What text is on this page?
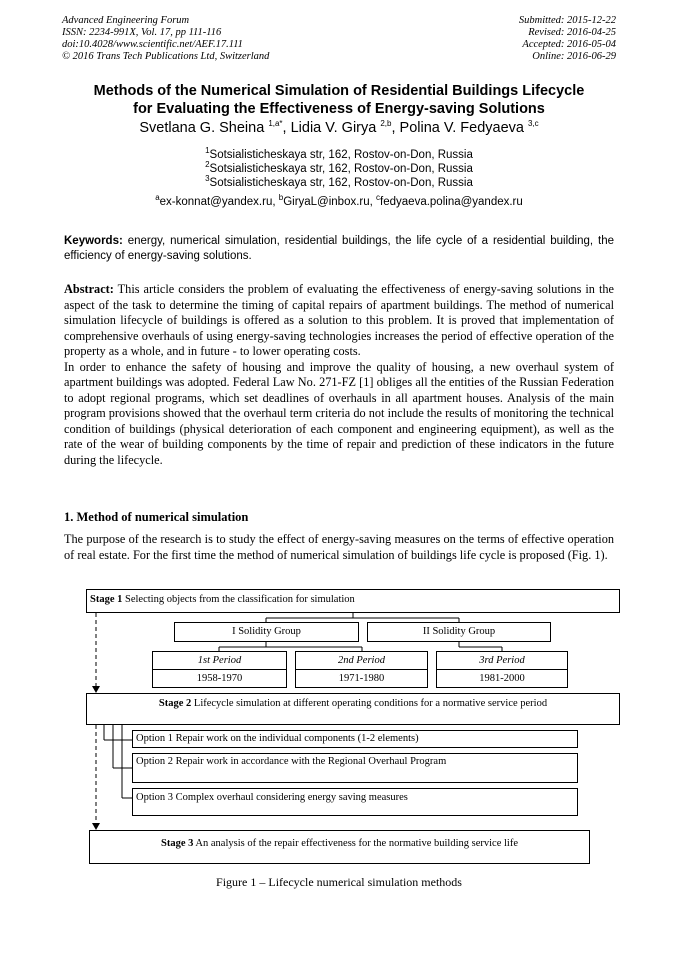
Advanced Engineering Forum
ISSN: 2234-991X, Vol. 17, pp 111-116
doi:10.4028/www.scientific.net/AEF.17.111
© 2016 Trans Tech Publications Ltd, Switzerland
Submitted: 2015-12-22
Revised: 2016-04-25
Accepted: 2016-05-04
Online: 2016-06-29
Methods of the Numerical Simulation of Residential Buildings Lifecycle
for Evaluating the Effectiveness of Energy-saving Solutions
Svetlana G. Sheina $^{1,a*}$, Lidia V. Girya $^{2,b}$, Polina V. Fedyaeva $^{3,c}$
$^1$Sotsialisticheskaya str, 162, Rostov-on-Don, Russia
$^2$Sotsialisticheskaya str, 162, Rostov-on-Don, Russia
$^3$Sotsialisticheskaya str, 162, Rostov-on-Don, Russia
$^a$ex-konnat@yandex.ru, $^b$GiryaL@inbox.ru, $^c$fedyaeva.polina@yandex.ru
Keywords: energy, numerical simulation, residential buildings, the life cycle of a residential building, the efficiency of energy-saving solutions.

Abstract: This article considers the problem of evaluating the effectiveness of energy-saving solutions in the aspect of the task to determine the timing of capital repairs of apartment buildings. The method of numerical simulation lifecycle of buildings is offered as a solution to this problem. It is proved that implementation of comprehensive overhauls of using energy-saving technologies increases the period of effective operation of the property as a whole, and in future - to lower operating costs.

In order to enhance the safety of housing and improve the quality of housing, a new overhaul system of apartment buildings was adopted. Federal Law No. 271-FZ [1] obliges all the entities of the Russian Federation to adopt regional programs, which set deadlines of overhauls in all apartment houses. Analysis of the main program provisions showed that the overhaul term criteria do not include the results of monitoring the technical condition of buildings (physical deterioration of each component and engineering equipment), as well as the rate of the wear of building components by the time of repair and prediction of these indicators in the future during the lifecycle.

1. Method of numerical simulation
The purpose of the research is to study the effect of energy-saving measures on the terms of effective operation of real estate. For the first time the method of numerical simulation of buildings life cycle is proposed (Fig. 1).
Stage 1 Selecting objects from the classification for simulation
I Solidity Group	II Solidity Group
1st Period
1958-1970
2nd Period
1971-1980
3rd Period
1981-2000
Stage 2 Lifecycle simulation at different operating conditions for a normative service period
Option 1 Repair work on the individual components (1-2 elements)
Option 2 Repair work in accordance with the Regional Overhaul Program
Option 3 Complex overhaul considering energy saving measures
Stage 3 An analysis of the repair effectiveness for the normative building service life
Figure 1 – Lifecycle numerical simulation methods
